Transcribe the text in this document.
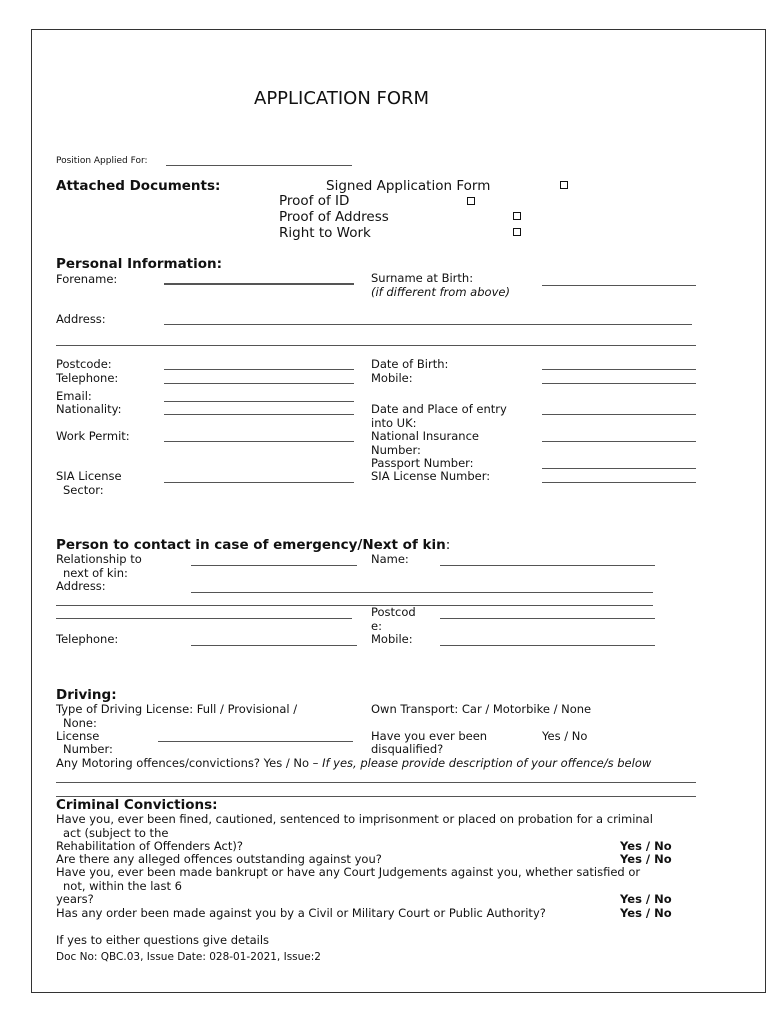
APPLICATION FORM
Position Applied For:
Attached Documents:	Signed Application Form
Proof of ID
Proof of Address
Right to Work
Personal Information:
Forename:	Surname at Birth:
(if different from above)
Address:
Postcode:	Date of Birth:
Telephone:	Mobile:
Email:
Nationality:	Date and Place of entry
into UK:
Work Permit:	National Insurance
Number:
Passport Number:
SIA License
Sector:
SIA License Number:
Person to contact in case of emergency/Next of kin:
Relationship to
next of kin:
Name:
Address:
Postcod
e:
Telephone:	Mobile:
Driving:
Type of Driving License: Full / Provisional /
None:
Own Transport: Car / Motorbike / None
License
Number:
Have you ever been
disqualified?
Yes / No
Any Motoring offences/convictions? Yes / No – If yes, please provide description of your offence/s below
Criminal Convictions:
Have you, ever been fined, cautioned, sentenced to imprisonment or placed on probation for a criminal
act (subject to the
Rehabilitation of Offenders Act)?	Yes / No
Are there any alleged offences outstanding against you?	Yes / No
Have you, ever been made bankrupt or have any Court Judgements against you, whether satisfied or
not, within the last 6
years?	Yes / No
Has any order been made against you by a Civil or Military Court or Public Authority?	Yes / No
If yes to either questions give details
Doc No: QBC.03, Issue Date: 028-01-2021, Issue:2
